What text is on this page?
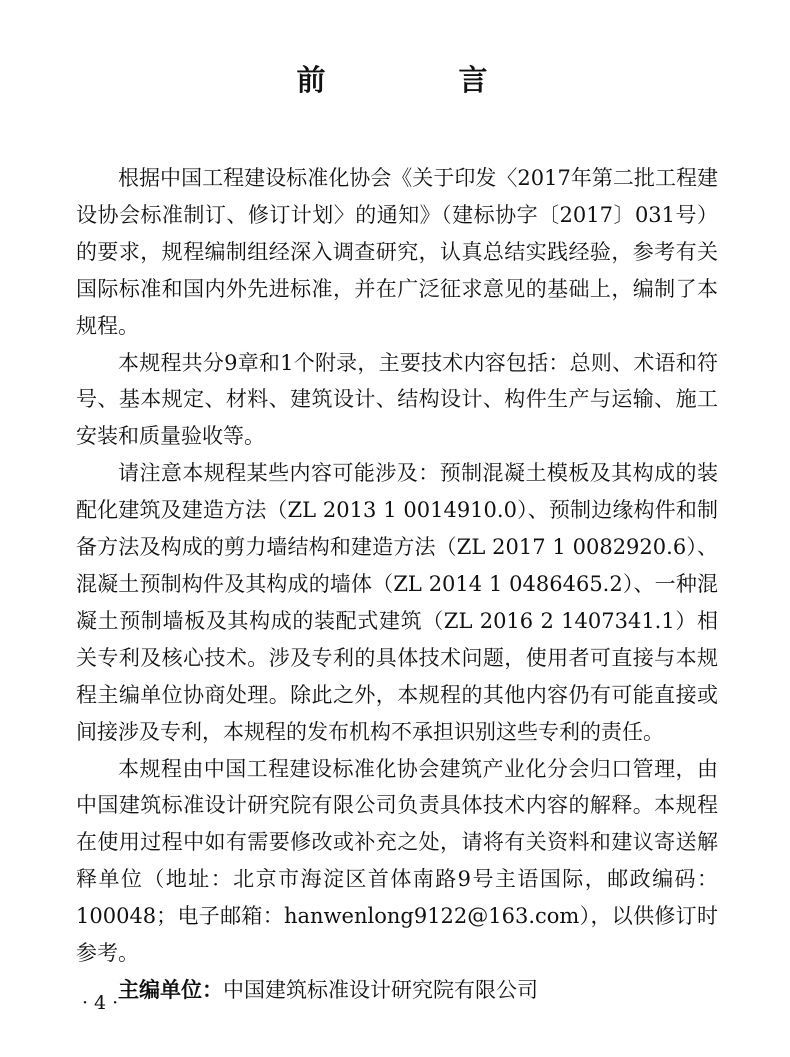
前　言

根据中国工程建设标准化协会《关于印发〈2017年第二批工程建设协会标准制订、修订计划〉的通知》（建标协字〔2017〕031号）的要求，规程编制组经深入调查研究，认真总结实践经验，参考有关国际标准和国内外先进标准，并在广泛征求意见的基础上，编制了本规程。

本规程共分9章和1个附录，主要技术内容包括：总则、术语和符号、基本规定、材料、建筑设计、结构设计、构件生产与运输、施工安装和质量验收等。

请注意本规程某些内容可能涉及：预制混凝土模板及其构成的装配化建筑及建造方法（ZL 2013 1 0014910.0）、预制边缘构件和制备方法及构成的剪力墙结构和建造方法（ZL 2017 1 0082920.6）、混凝土预制构件及其构成的墙体（ZL 2014 1 0486465.2）、一种混凝土预制墙板及其构成的装配式建筑（ZL 2016 2 1407341.1）相关专利及核心技术。涉及专利的具体技术问题，使用者可直接与本规程主编单位协商处理。除此之外，本规程的其他内容仍有可能直接或间接涉及专利，本规程的发布机构不承担识别这些专利的责任。

本规程由中国工程建设标准化协会建筑产业化分会归口管理，由中国建筑标准设计研究院有限公司负责具体技术内容的解释。本规程在使用过程中如有需要修改或补充之处，请将有关资料和建议寄送解释单位（地址：北京市海淀区首体南路9号主语国际，邮政编码：100048；电子邮箱：hanwenlong9122@163.com），以供修订时参考。

主编单位：中国建筑标准设计研究院有限公司
·4·
